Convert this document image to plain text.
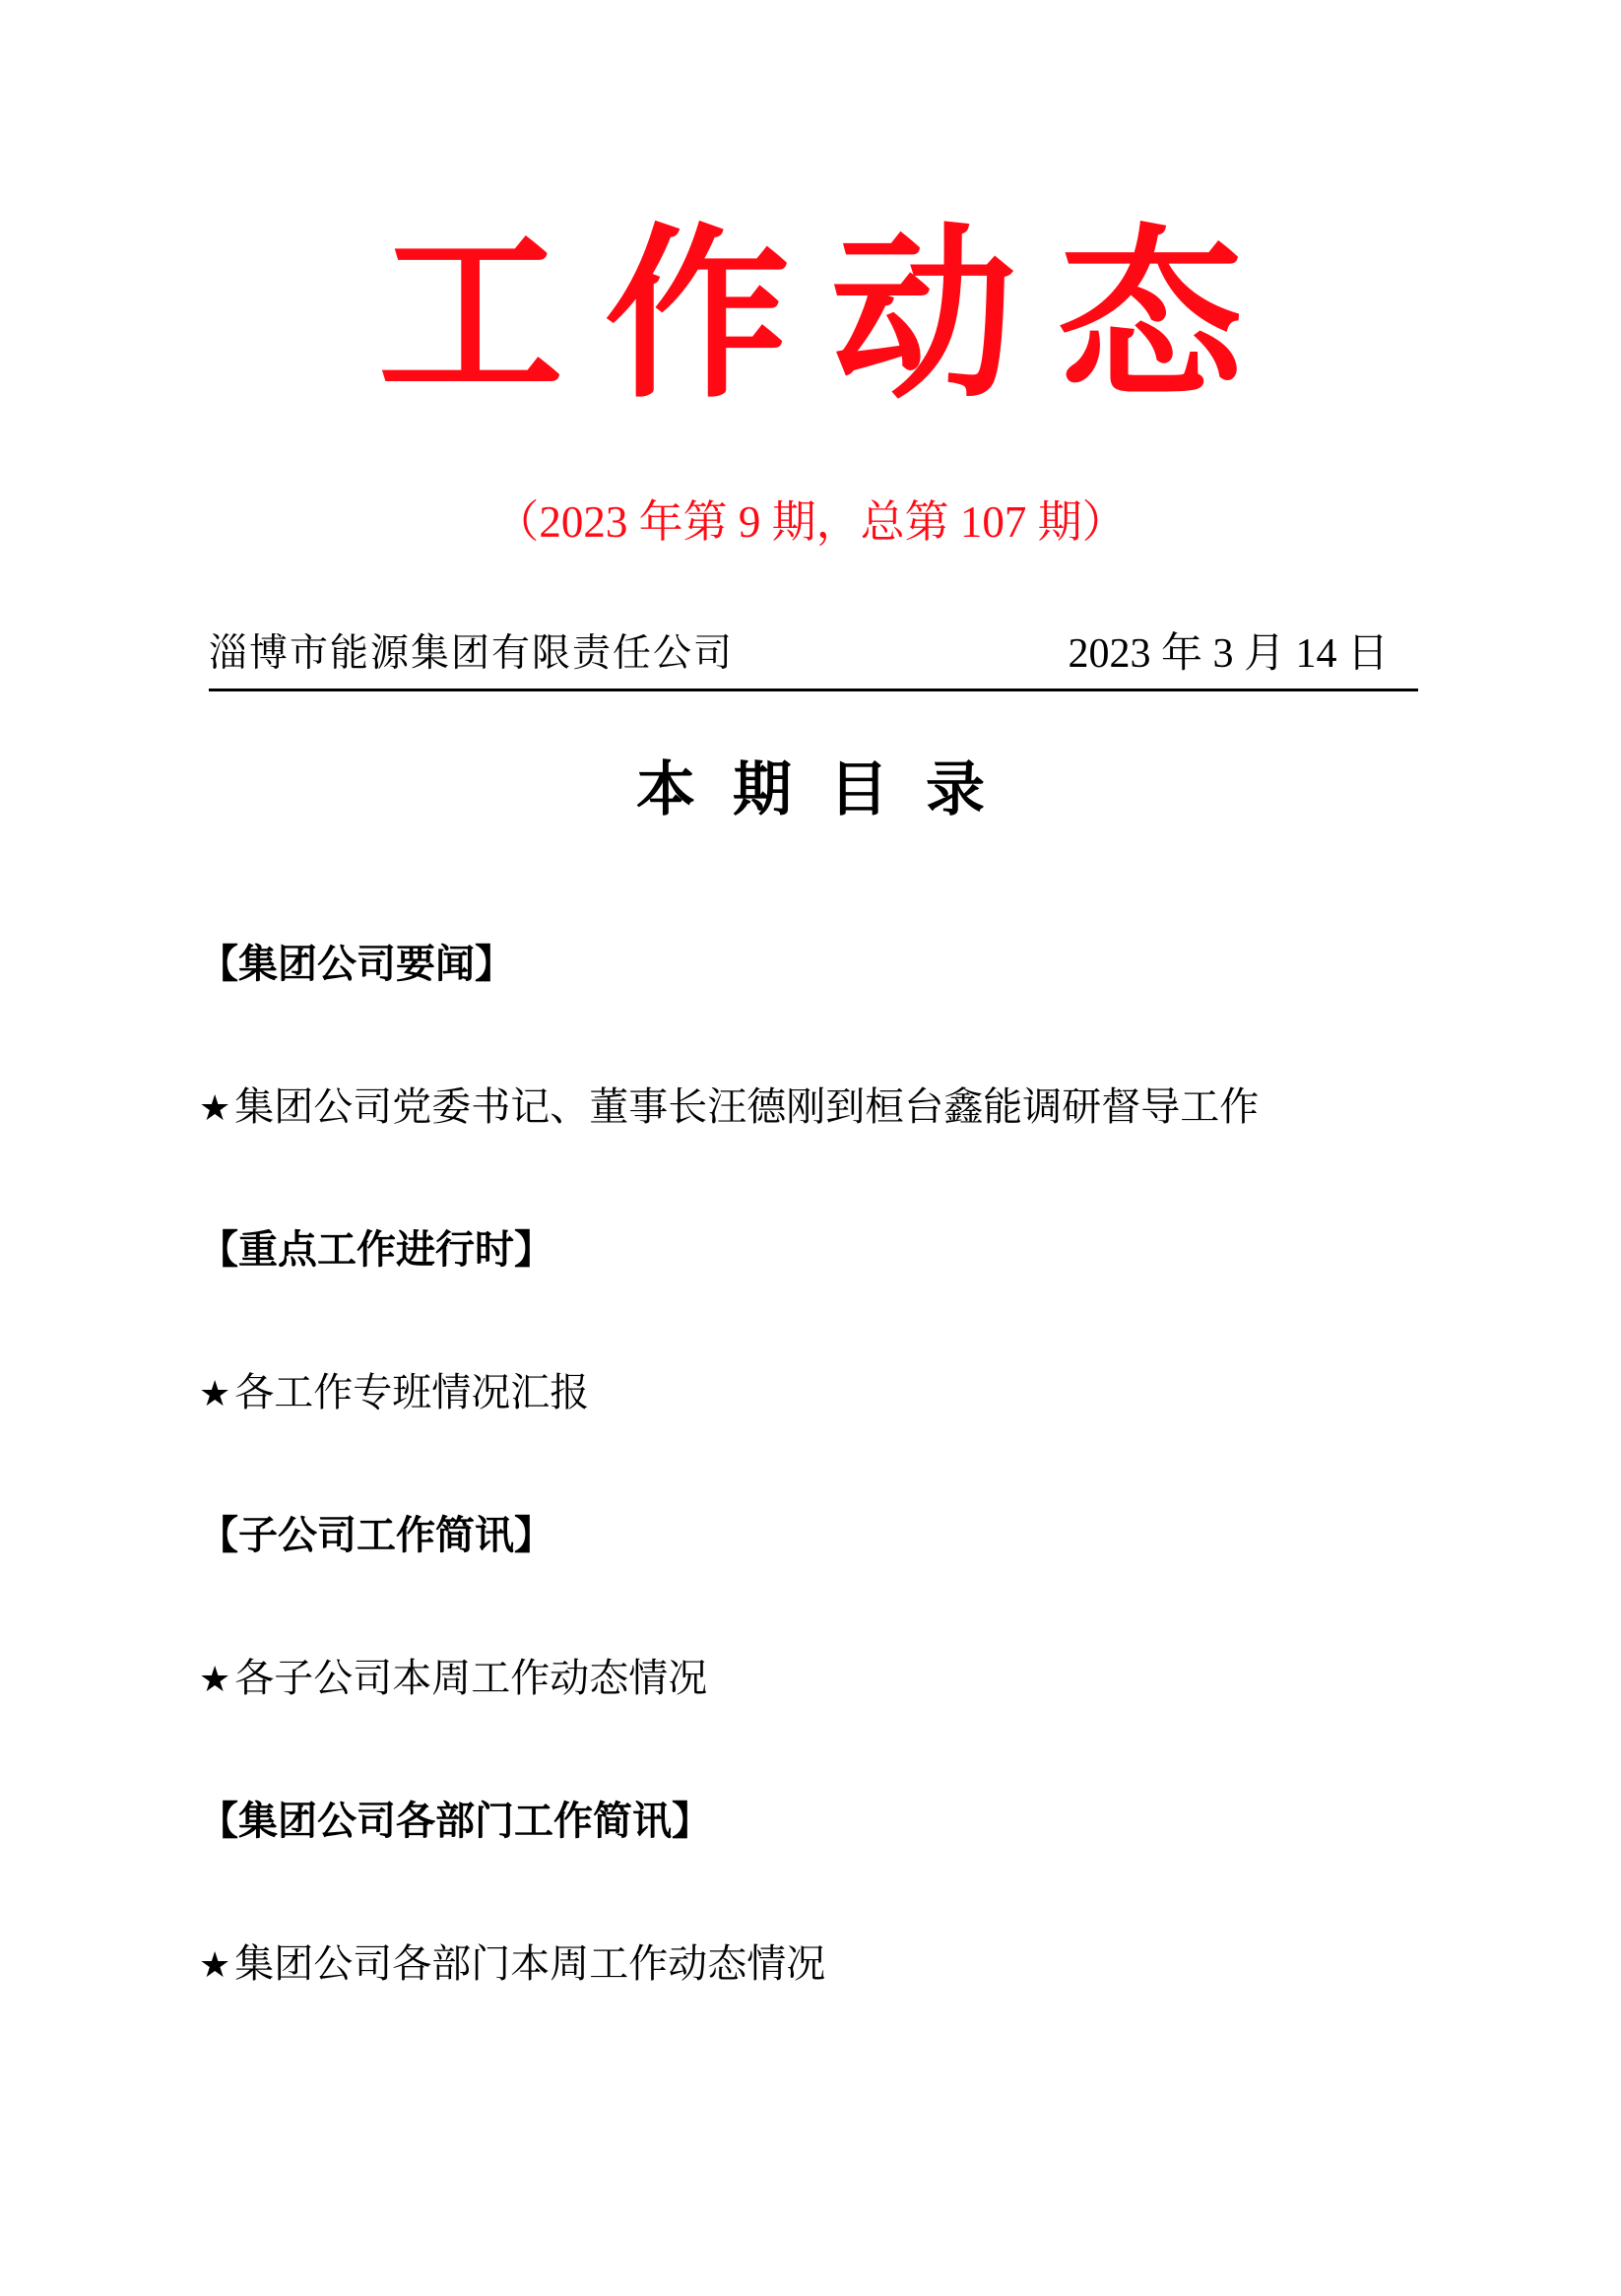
工作动态
（2023 年第 9 期，总第 107 期）
淄博市能源集团有限责任公司	2023 年 3 月 14 日
本期目录
【集团公司要闻】
★ 集团公司党委书记、董事长汪德刚到桓台鑫能调研督导工作
【重点工作进行时】
★ 各工作专班情况汇报
【子公司工作简讯】
★ 各子公司本周工作动态情况
【集团公司各部门工作简讯】
★ 集团公司各部门本周工作动态情况
